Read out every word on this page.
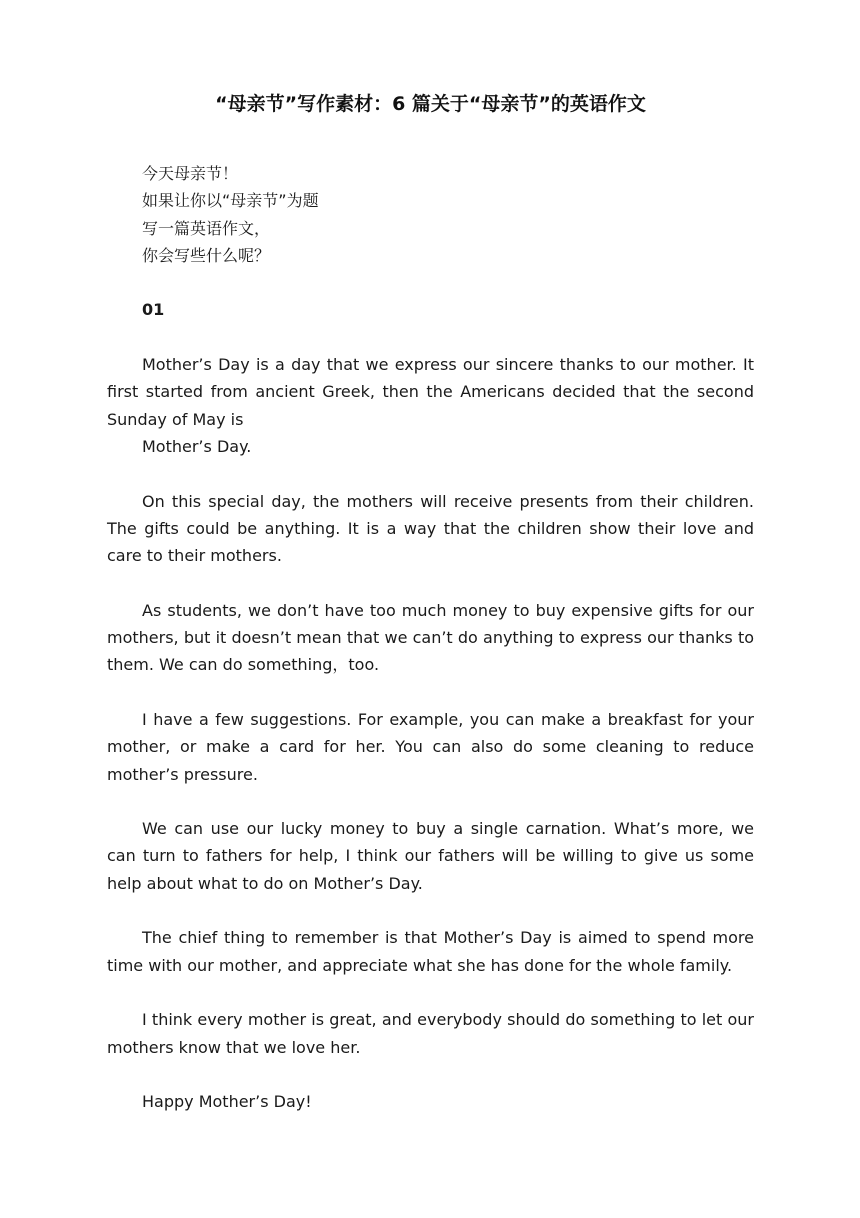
“母亲节”写作素材：6 篇关于“母亲节”的英语作文
今天母亲节！
如果让你以“母亲节”为题
写一篇英语作文，
你会写些什么呢？
01

Mother’s Day is a day that we express our sincere thanks to our mother. It first started from ancient Greek, then the Americans decided that the second Sunday of May is

Mother’s Day.

On this special day, the mothers will receive presents from their children. The gifts could be anything. It is a way that the children show their love and care to their mothers.

As students, we don’t have too much money to buy expensive gifts for our mothers, but it doesn’t mean that we can’t do anything to express our thanks to them. We can do something，too.

I have a few suggestions. For example, you can make a breakfast for your mother, or make a card for her. You can also do some cleaning to reduce mother’s pressure.

We can use our lucky money to buy a single carnation. What’s more, we can turn to fathers for help, I think our fathers will be willing to give us some help about what to do on Mother’s Day.

The chief thing to remember is that Mother’s Day is aimed to spend more time with our mother, and appreciate what she has done for the whole family.

I think every mother is great, and everybody should do something to let our mothers know that we love her.

Happy Mother’s Day!
